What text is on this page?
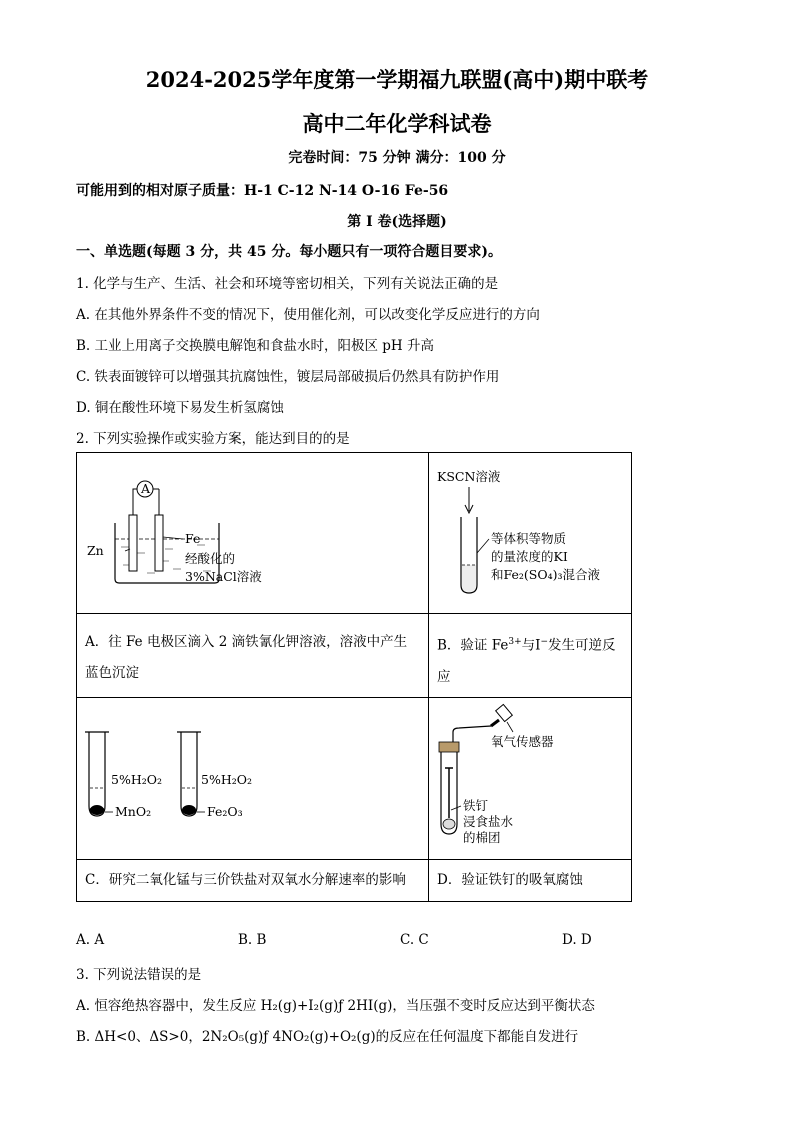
2024-2025学年度第一学期福九联盟(高中)期中联考
高中二年化学科试卷
完卷时间：75 分钟 满分：100 分
可能用到的相对原子质量：H-1 C-12 N-14 O-16 Fe-56
第 I 卷(选择题)
一、单选题(每题 3 分，共 45 分。每小题只有一项符合题目要求)。
1. 化学与生产、生活、社会和环境等密切相关，下列有关说法正确的是
A. 在其他外界条件不变的情况下，使用催化剂，可以改变化学反应进行的方向
B. 工业上用离子交换膜电解饱和食盐水时，阳极区 pH 升高
C. 铁表面镀锌可以增强其抗腐蚀性，镀层局部破损后仍然具有防护作用
D. 铜在酸性环境下易发生析氢腐蚀
2. 下列实验操作或实验方案，能达到目的的是
A
Zn
Fe
经酸化的
3%NaCl溶液	KSCN溶液
等体积等物质
的量浓度的KI
和Fe₂(SO₄)₃混合液

A．往 Fe 电极区滴入 2 滴铁氰化钾溶液，溶液中产生蓝色沉淀	B．验证 $Fe^{3+}$与I−发生可逆反应

5%H₂O₂
MnO₂
5%H₂O₂
Fe₂O₃	氧气传感器
铁钉
浸食盐水
的棉团

C．研究二氧化锰与三价铁盐对双氧水分解速率的影响	D．验证铁钉的吸氧腐蚀
A. A	B. B	C. C	D. D
3. 下列说法错误的是
A. 恒容绝热容器中，发生反应 H₂(g)+I₂(g)ƒ 2HI(g)，当压强不变时反应达到平衡状态
B. ΔH<0、ΔS>0，2N₂O₅(g)ƒ 4NO₂(g)+O₂(g)的反应在任何温度下都能自发进行
